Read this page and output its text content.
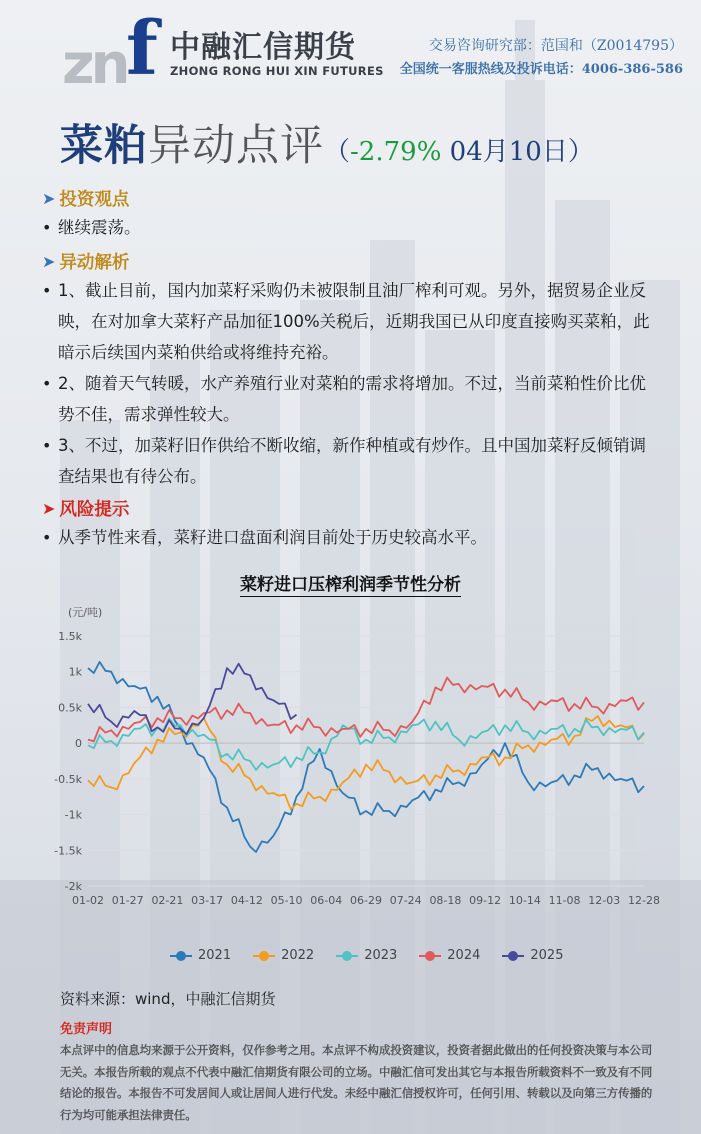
zn f 中融汇信期货
ZHONG RONG HUI XIN FUTURES
交易咨询研究部：范国和（Z0014795）
全国统一客服热线及投诉电话：4006-386-586
菜粕异动点评（-2.79% 04月10日）
➤ 投资观点
• 继续震荡。
➤ 异动解析
• 1、截止目前，国内加菜籽采购仍未被限制且油厂榨利可观。另外，据贸易企业反映，在对加拿大菜籽产品加征100%关税后，近期我国已从印度直接购买菜粕，此暗示后续国内菜粕供给或将维持充裕。
• 2、随着天气转暖，水产养殖行业对菜粕的需求将增加。不过，当前菜粕性价比优势不佳，需求弹性较大。
• 3、不过，加菜籽旧作供给不断收缩，新作种植或有炒作。且中国加菜籽反倾销调查结果也有待公布。
➤ 风险提示
• 从季节性来看，菜籽进口盘面利润目前处于历史较高水平。
菜籽进口压榨利润季节性分析
(元/吨)
1.5k
1k
0.5k
0
-0.5k
-1k
-1.5k
-2k
01-02 01-27 02-21 03-17 04-12 05-10 06-04 06-29 07-24 08-18 09-12 10-14 11-08 12-03 12-28
2021	2022	2023	2024	2025
资料来源：wind，中融汇信期货
免责声明
本点评中的信息均来源于公开资料，仅作参考之用。本点评不构成投资建议，投资者据此做出的任何投资决策与本公司无关。本报告所载的观点不代表中融汇信期货有限公司的立场。中融汇信可发出其它与本报告所载资料不一致及有不同结论的报告。本报告不可发居间人或让居间人进行代发。未经中融汇信授权许可，任何引用、转载以及向第三方传播的行为均可能承担法律责任。
